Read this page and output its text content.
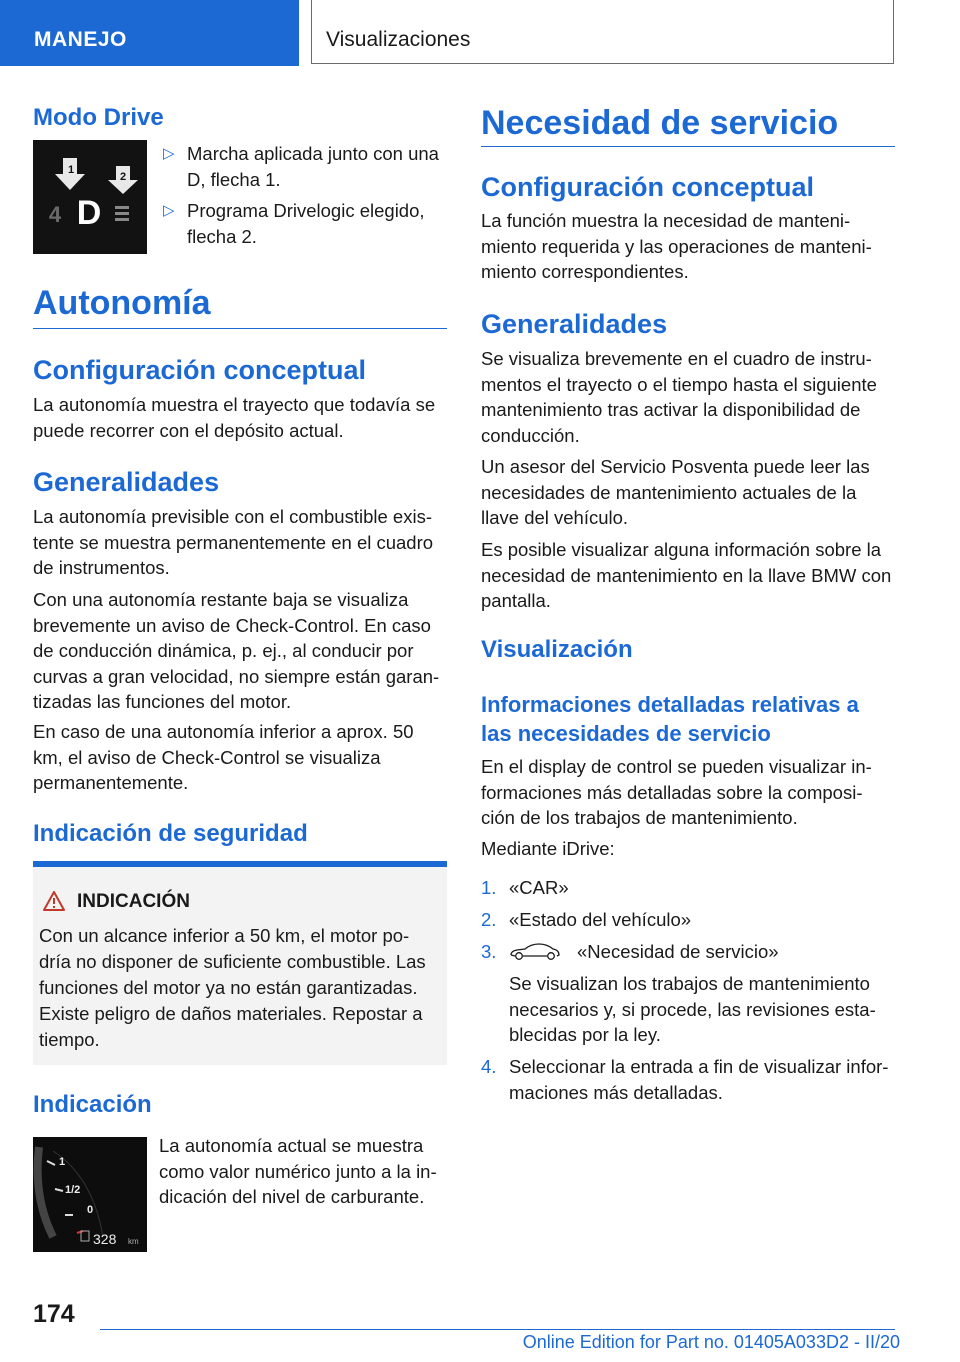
MANEJO	Visualizaciones
Modo Drive
1
2
4 D
▷ Marcha aplicada junto con una D, flecha 1.
▷ Programa Drivelogic elegido, flecha 2.
Autonomía
Configuración conceptual

La autonomía muestra el trayecto que todavía se puede recorrer con el depósito actual.

Generalidades

La autonomía previsible con el combustible exis-tente se muestra permanentemente en el cuadro de instrumentos.

Con una autonomía restante baja se visualiza brevemente un aviso de Check-Control. En caso de conducción dinámica, p. ej., al conducir por curvas a gran velocidad, no siempre están garan-tizadas las funciones del motor.

En caso de una autonomía inferior a aprox. 50 km, el aviso de Check-Control se visualiza permanentemente.

Indicación de seguridad
INDICACIÓN
Con un alcance inferior a 50 km, el motor po-dría no disponer de suficiente combustible. Las funciones del motor ya no están garantizadas. Existe peligro de daños materiales. Repostar a tiempo.
Indicación
1
1/2
0
328 km

La autonomía actual se muestra como valor numérico junto a la in-dicación del nivel de carburante.

Necesidad de servicio
Configuración conceptual

La función muestra la necesidad de manteni-miento requerida y las operaciones de manteni-miento correspondientes.

Generalidades

Se visualiza brevemente en el cuadro de instru-mentos el trayecto o el tiempo hasta el siguiente mantenimiento tras activar la disponibilidad de conducción.

Un asesor del Servicio Posventa puede leer las necesidades de mantenimiento actuales de la llave del vehículo.

Es posible visualizar alguna información sobre la necesidad de mantenimiento en la llave BMW con pantalla.

Visualización
Informaciones detalladas relativas a las necesidades de servicio

En el display de control se pueden visualizar in-formaciones más detalladas sobre la composi-ción de los trabajos de mantenimiento.

Mediante iDrive:

1. «CAR»
2. «Estado del vehículo»
3.	«Necesidad de servicio»

Se visualizan los trabajos de mantenimiento necesarios y, si procede, las revisiones esta-blecidas por la ley.

4. Seleccionar la entrada a fin de visualizar infor-maciones más detalladas.
174
Online Edition for Part no. 01405A033D2 - II/20
